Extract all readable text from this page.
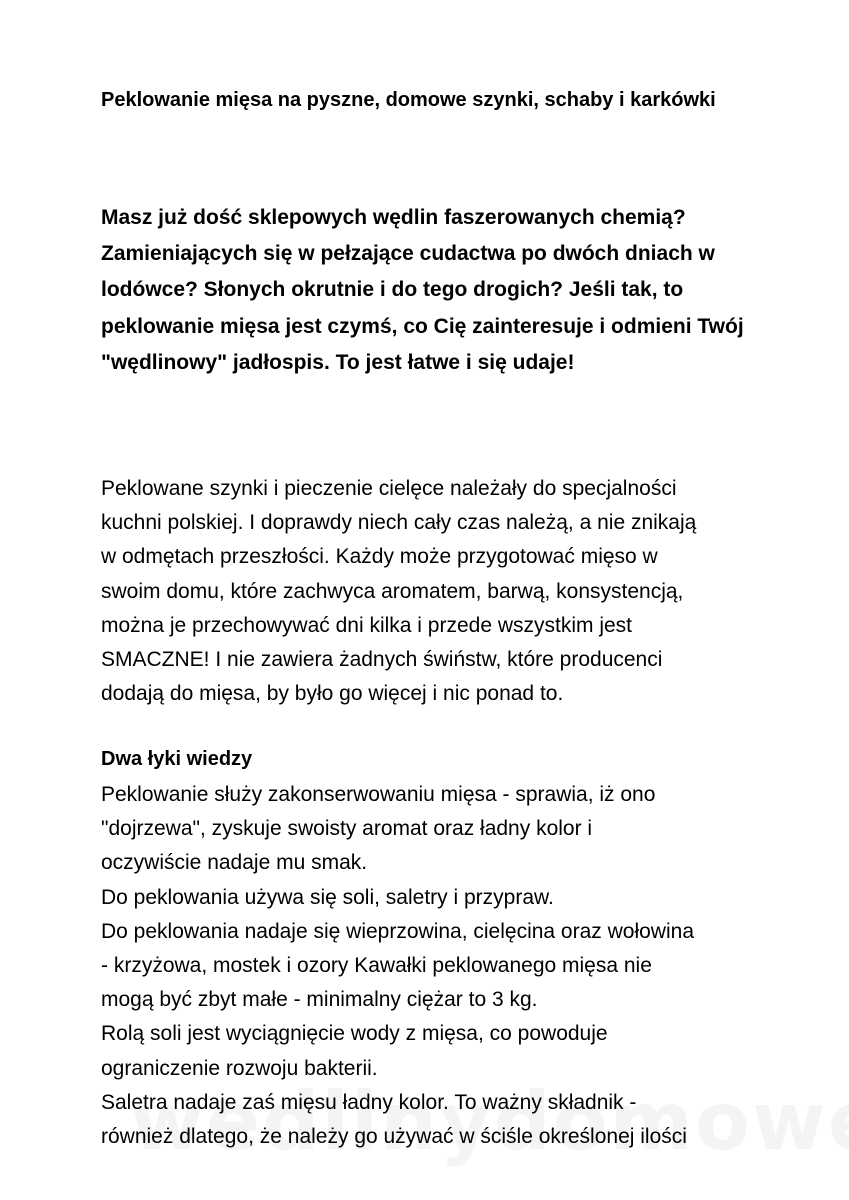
Peklowanie mięsa na pyszne, domowe szynki, schaby i karkówki

Masz już dość sklepowych wędlin faszerowanych chemią? Zamieniających się w pełzające cudactwa po dwóch dniach w lodówce? Słonych okrutnie i do tego drogich? Jeśli tak, to peklowanie mięsa jest czymś, co Cię zainteresuje i odmieni Twój "wędlinowy" jadłospis. To jest łatwe i się udaje!

Peklowane szynki i pieczenie cielęce należały do specjalności
kuchni polskiej. I doprawdy niech cały czas należą, a nie znikają
w odmętach przeszłości. Każdy może przygotować mięso w
swoim domu, które zachwyca aromatem, barwą, konsystencją,
można je przechowywać dni kilka i przede wszystkim jest
SMACZNE! I nie zawiera żadnych świństw, które producenci
dodają do mięsa, by było go więcej i nic ponad to.

Dwa łyki wiedzy

Peklowanie służy zakonserwowaniu mięsa - sprawia, iż ono
"dojrzewa", zyskuje swoisty aromat oraz ładny kolor i
oczywiście nadaje mu smak.
Do peklowania używa się soli, saletry i przypraw.
Do peklowania nadaje się wieprzowina, cielęcina oraz wołowina
- krzyżowa, mostek i ozory Kawałki peklowanego mięsa nie
mogą być zbyt małe - minimalny ciężar to 3 kg.
Rolą soli jest wyciągnięcie wody z mięsa, co powoduje
ograniczenie rozwoju bakterii.
Saletra nadaje zaś mięsu ładny kolor. To ważny składnik -
również dlatego, że należy go używać w ściśle określonej ilości
